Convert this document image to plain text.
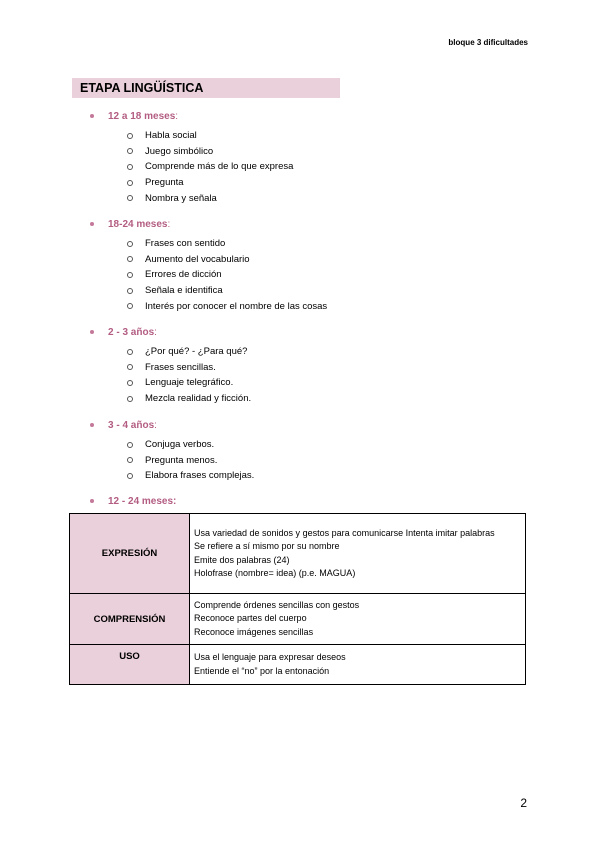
bloque 3 dificultades
ETAPA LINGÜÍSTICA
12 a 18 meses :
Habla social
Juego simbólico
Comprende más de lo que expresa
Pregunta
Nombra y señala
18-24 meses :
Frases con sentido
Aumento del vocabulario
Errores de dicción
Señala e identifica
Interés por conocer el nombre de las cosas
2 - 3 años :
¿Por qué? - ¿Para qué?
Frases sencillas.
Lenguaje telegráfico.
Mezcla realidad y ficción.
3 - 4 años :
Conjuga verbos.
Pregunta menos.
Elabora frases complejas.
12 - 24 meses:
EXPRESIÓN	Usa variedad de sonidos y gestos para comunicarse Intenta imitar palabras
Se refiere a sí mismo por su nombre
Emite dos palabras (24)
Holofrase (nombre= idea) (p.e. MAGUA)

COMPRENSIÓN	Comprende órdenes sencillas con gestos
Reconoce partes del cuerpo
Reconoce imágenes sencillas

USO	Usa el lenguaje para expresar deseos
Entiende el “no” por la entonación
2
